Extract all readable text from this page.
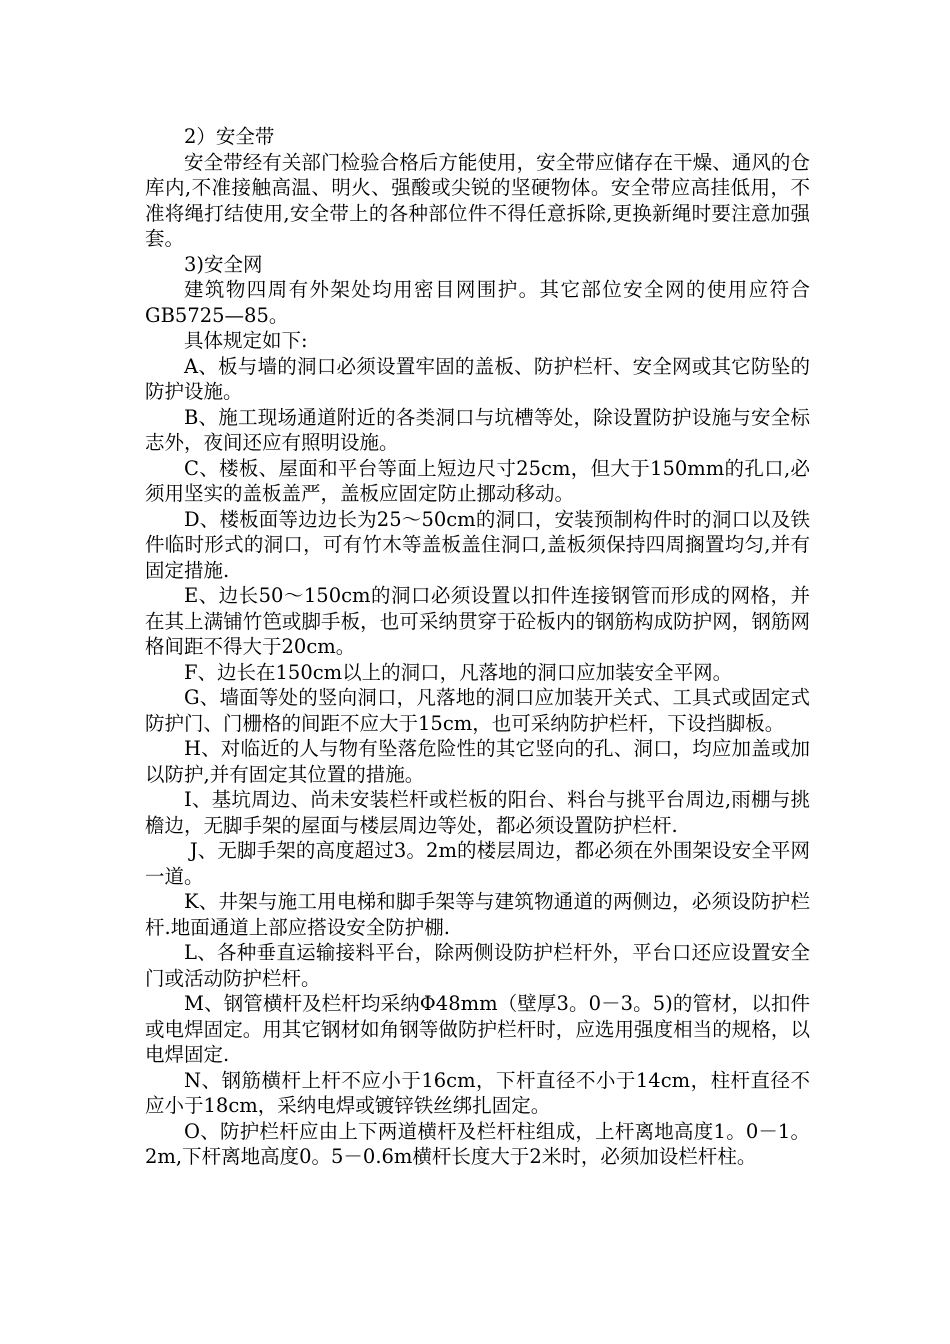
2）安全带

安全带经有关部门检验合格后方能使用，安全带应储存在干燥、通风的仓库内,不准接触高温、明火、强酸或尖锐的坚硬物体。安全带应高挂低用，不准将绳打结使用,安全带上的各种部位件不得任意拆除,更换新绳时要注意加强套。

3)安全网

建筑物四周有外架处均用密目网围护。其它部位安全网的使用应符合GB5725—85。

具体规定如下:

A、板与墙的洞口必须设置牢固的盖板、防护栏杆、安全网或其它防坠的防护设施。

B、施工现场通道附近的各类洞口与坑槽等处，除设置防护设施与安全标志外，夜间还应有照明设施。

C、楼板、屋面和平台等面上短边尺寸25cm，但大于150mm的孔口,必须用坚实的盖板盖严，盖板应固定防止挪动移动。

D、楼板面等边边长为25～50cm的洞口，安装预制构件时的洞口以及铁件临时形式的洞口，可有竹木等盖板盖住洞口,盖板须保持四周搁置均匀,并有固定措施.

E、边长50～150cm的洞口必须设置以扣件连接钢管而形成的网格，并在其上满铺竹笆或脚手板，也可采纳贯穿于砼板内的钢筋构成防护网，钢筋网格间距不得大于20cm。

F、边长在150cm以上的洞口，凡落地的洞口应加装安全平网。

G、墙面等处的竖向洞口，凡落地的洞口应加装开关式、工具式或固定式防护门、门栅格的间距不应大于15cm，也可采纳防护栏杆，下设挡脚板。

H、对临近的人与物有坠落危险性的其它竖向的孔、洞口，均应加盖或加以防护,并有固定其位置的措施。

I、基坑周边、尚未安装栏杆或栏板的阳台、料台与挑平台周边,雨棚与挑檐边，无脚手架的屋面与楼层周边等处，都必须设置防护栏杆.

J、无脚手架的高度超过3。2m的楼层周边，都必须在外围架设安全平网一道。

K、井架与施工用电梯和脚手架等与建筑物通道的两侧边，必须设防护栏杆.地面通道上部应搭设安全防护棚.

L、各种垂直运输接料平台，除两侧设防护栏杆外，平台口还应设置安全门或活动防护栏杆。

M、钢管横杆及栏杆均采纳Φ48mm（壁厚3。0－3。5)的管材，以扣件或电焊固定。用其它钢材如角钢等做防护栏杆时，应选用强度相当的规格，以电焊固定.

N、钢筋横杆上杆不应小于16cm，下杆直径不小于14cm，柱杆直径不应小于18cm，采纳电焊或镀锌铁丝绑扎固定。

O、防护栏杆应由上下两道横杆及栏杆柱组成，上杆离地高度1。0－1。2m,下杆离地高度0。5－0.6m横杆长度大于2米时，必须加设栏杆柱。
